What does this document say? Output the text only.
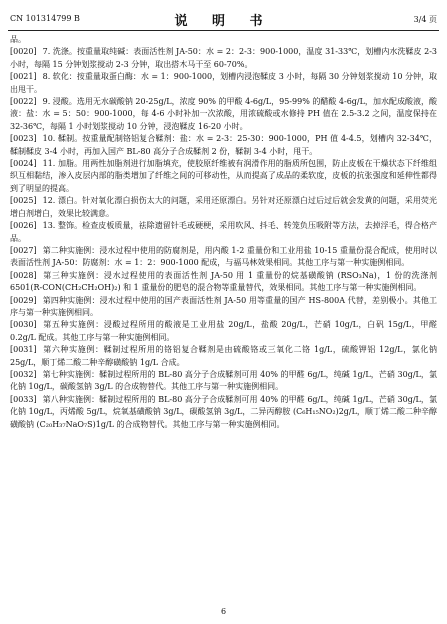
CN 101314799 B	说 明 书	3/4 页

品。

[0020] 7. 洗涤。按重量取纯碱：表面活性剂 JA-50：水 = 2：2-3：900-1000，温度 31-33℃，划槽内水洗鞣皮 2-3 小时，每隔 15 分钟划浆搅动 2-3 分钟，取出搭木马干至 60-70%。

[0021] 8. 软化：按重量取蛋白酶：水 = 1：900-1000，划槽内浸泡鞣皮 3 小时，每隔 30 分钟划浆搅动 10 分钟，取出甩干。

[0022] 9. 浸酸。选用无水碳酸钠 20-25g/L，浓度 90% 的甲酸 4-6g/L，95-99% 的醋酸 4-6g/L，加水配成酸液，酸液：盐：水 = 5：50：900-1000，每 4-6 小时补加一次浓酸，用浓硫酸或水修持 PH 值在 2.5-3.2 之间，温度保持在 32-36℃，每隔 1 小时划浆搅动 10 分钟，浸泡鞣皮 16-20 小时。

[0023] 10. 鞣制。按重量配制铬铝复合鞣剂：盐：水 = 2-3：25-30：900-1000，PH 值 4-4.5，划槽内 32-34℃，鞣制鞣皮 3-4 小时，再加入国产 BL-80 高分子合成鞣剂 2 份，鞣制 3-4 小时，甩干。

[0024] 11. 加脂。用两性加脂剂进行加脂填充，使胶原纤维被有润滑作用的脂质所包围，防止皮板在干燥状态下纤维组织互相黏结，渗入皮层内部的脂类增加了纤维之间的可移动性，从而提高了成品的柔软度，皮板的抗张强度和延伸性都得到了明显的提高。

[0025] 12. 漂白。针对氧化漂白损伤太大的问题，采用还原漂白。另针对还原漂白过后过后就会发黄的问题，采用荧光增白剂增白，效果比较满意。

[0026] 13. 整饰。检查皮板质量，祛除遗留针毛或硬梗，采用吹风、抖毛、转笼负压吸附等方法，去掉浮毛，得合格产品。

[0027] 第二种实施例：浸水过程中使用的防腐剂是，用内酸 1-2 重量份和工业用盐 10-15 重量份混合配成，使用时以表面活性剂 JA-50：防腐剂：水 = 1：2：900-1000 配成，与福马林效果相同。其他工序与第一种实施例相同。

[0028] 第三种实施例：浸水过程使用的表面活性剂 JA-50 用 1 重量份的烷基磺酸钠 (RSO₃Na)，1 份的洗涤剂 6501(R-CON(CH₂CH₂OH)₂) 和 1 重量份的肥皂的混合物等重量替代，效果相同。其他工序与第一种实施例相同。

[0029] 第四种实施例：浸水过程中使用的国产表面活性剂 JA-50 用等重量的国产 HS-800A 代替，差别极小。其他工序与第一种实施例相同。

[0030] 第五种实施例：浸酸过程所用的酸液是工业用盐 20g/L，盐酸 20g/L，芒硝 10g/L，白矾 15g/L，甲醛 0.2g/L 配成。其他工序与第一种实施例相同。

[0031] 第六种实施例：鞣制过程所用的铬铝复合鞣剂是由硫酸铬或三氧化二铬 1g/L，硫酸钾铝 12g/L，氯化钠 25g/L，顺丁烯二酸二种辛醇磺酸钠 1g/L 合成。

[0032] 第七种实施例：鞣制过程所用的 BL-80 高分子合成鞣剂可用 40% 的甲醛 6g/L，纯碱 1g/L，芒硝 30g/L，氯化钠 10g/L，碳酸氢钠 3g/L 的合成物替代。其他工序与第一种实施例相同。

[0033] 第八种实施例：鞣制过程所用的 BL-80 高分子合成鞣剂可用 40% 的甲醛 6g/L，纯碱 1g/L，芒硝 30g/L，氯化钠 10g/L，丙烯酸 5g/L，烷氧基磺酸钠 3g/L，碳酸氢钠 3g/L，二异丙醇胺 (C₆H₁₅NO₂)2g/L，顺丁烯二酸二种辛醇磺酸钠 (C₂₀H₃₇NaO₇S)1g/L 的合成物替代。其他工序与第一种实施例相同。

6
